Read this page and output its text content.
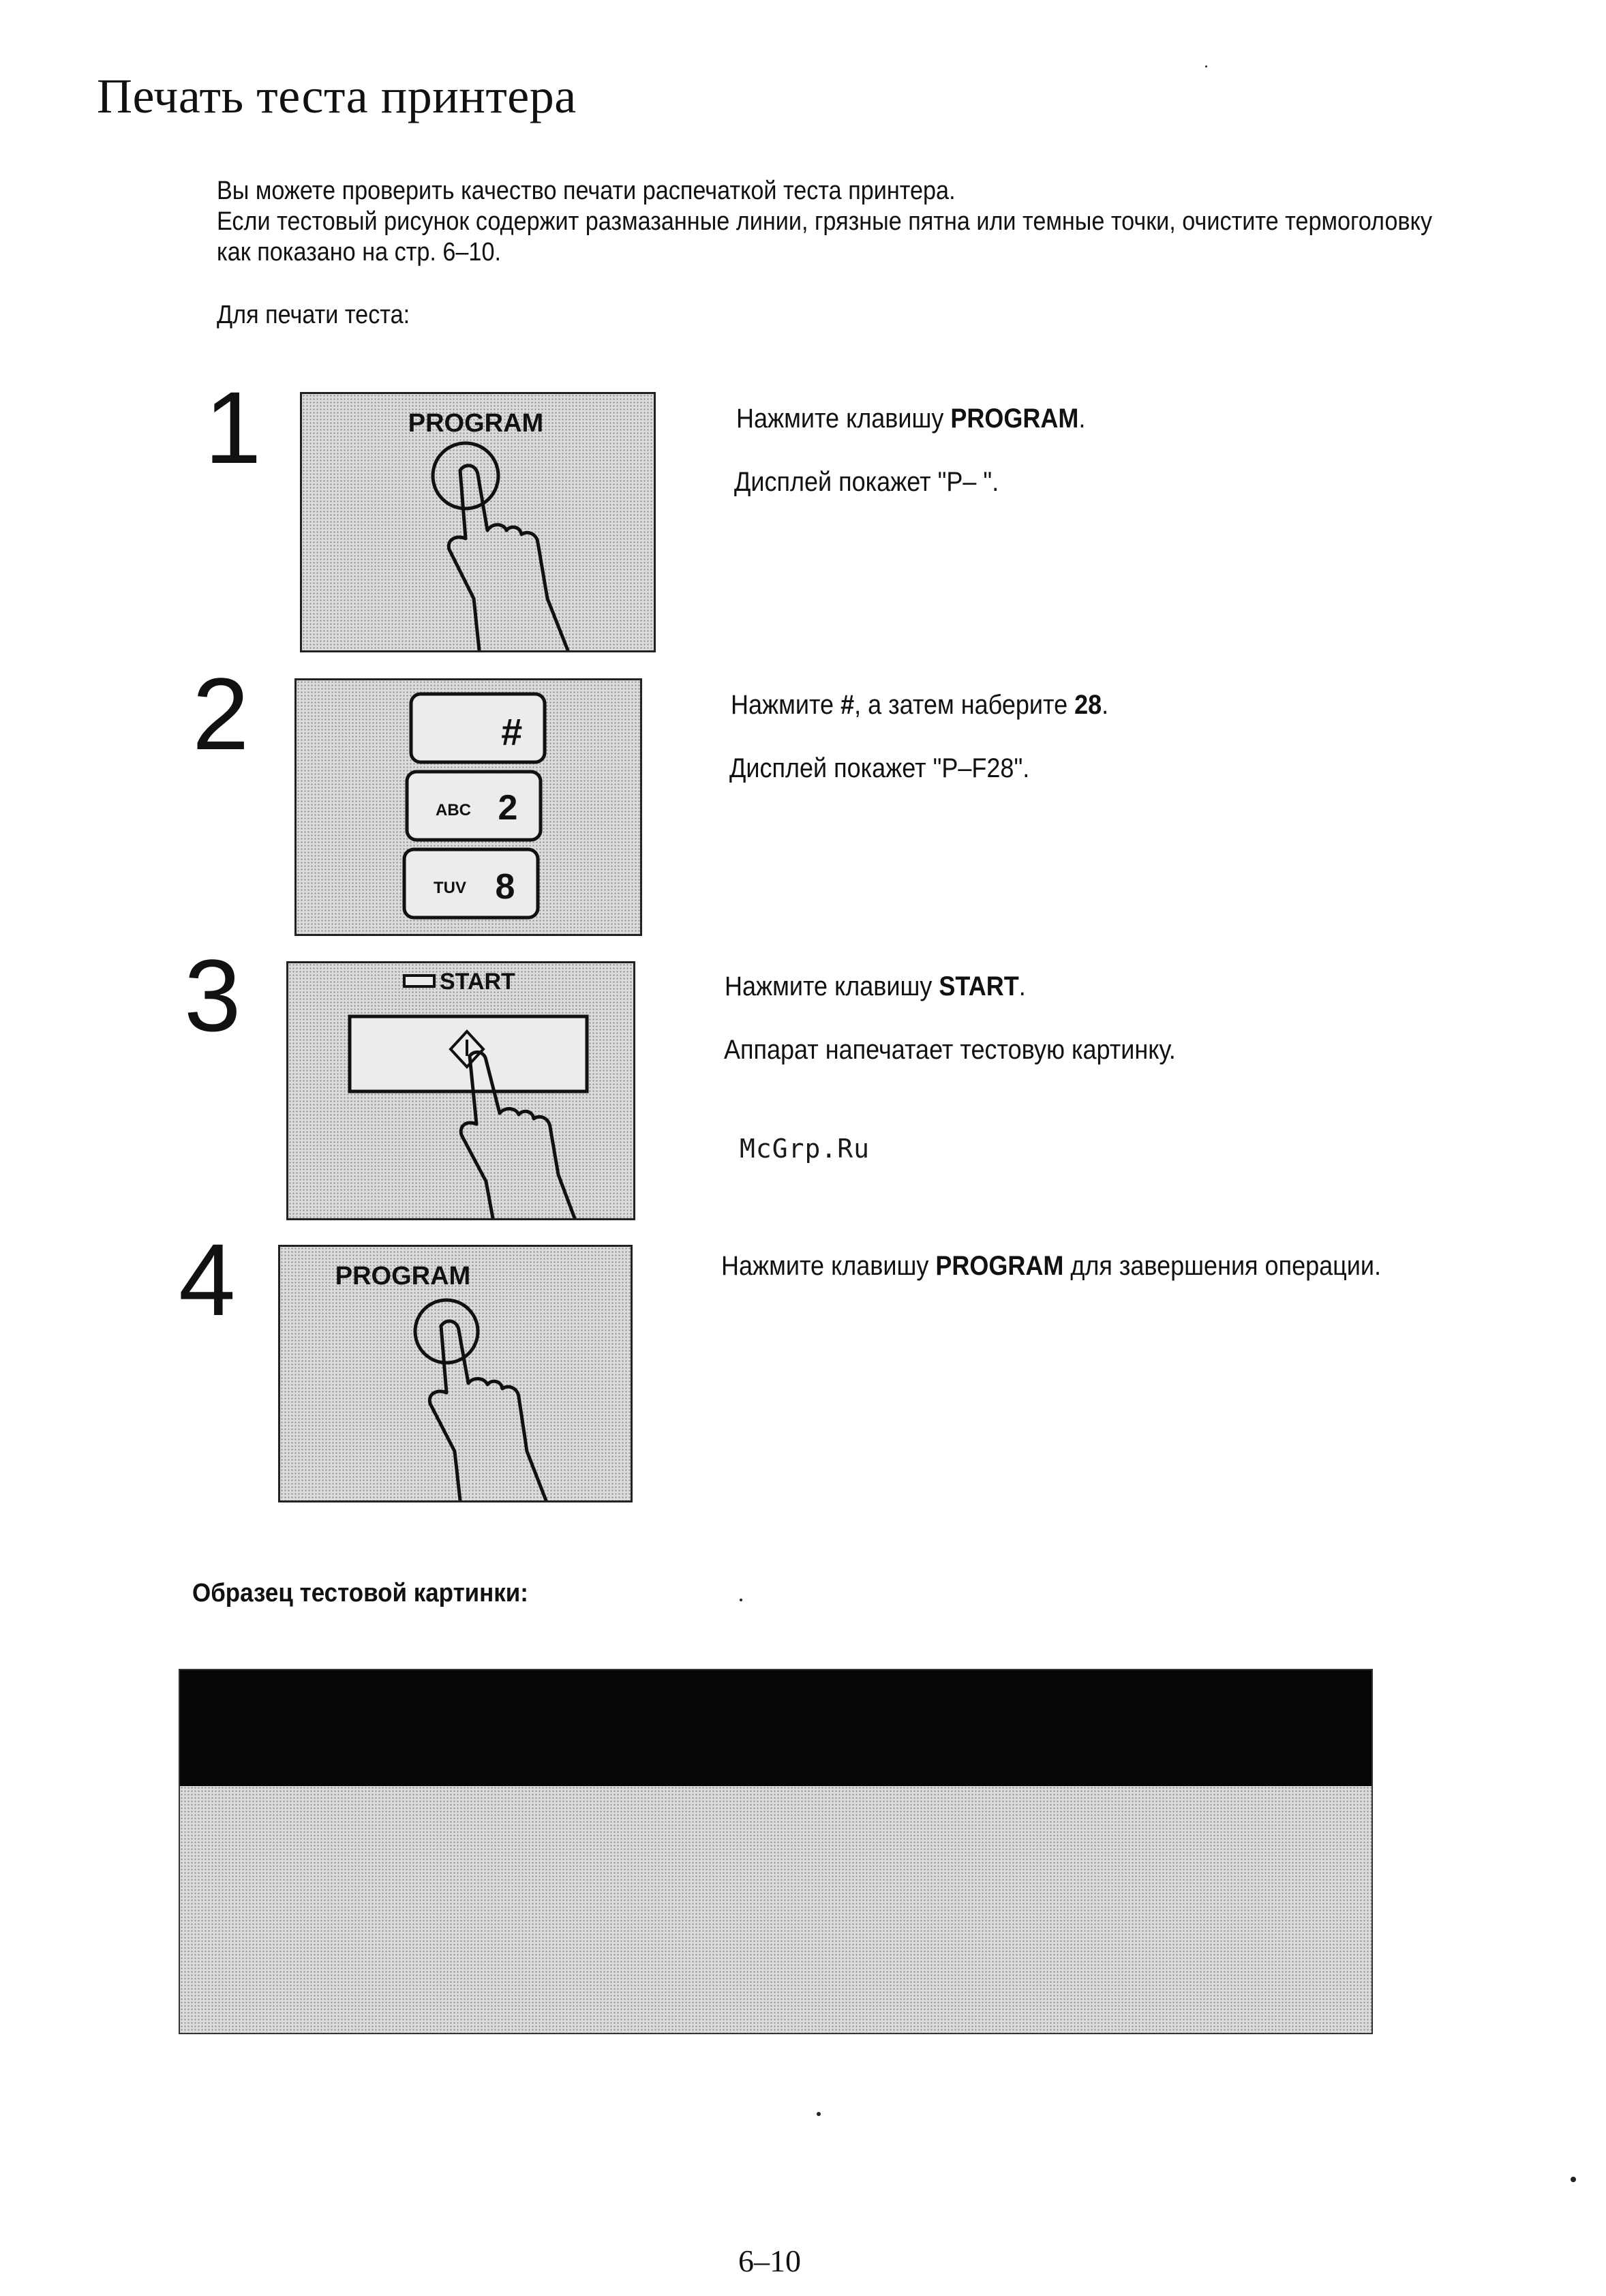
Печать теста принтера
Вы можете проверить качество печати распечаткой теста принтера.
Если тестовый рисунок содержит размазанные линии, грязные пятна или темные точки, очистите термоголовку
как показано на стр. 6–10.
Для печати теста:
1	PROGRAM	Нажмите клавишу PROGRAM.
Дисплей покажет "P– ".
2	#
ABC 2
TUV 8
Нажмите #, а затем наберите 28.
Дисплей покажет "P–F28".
3	START	Нажмите клавишу START.
Аппарат напечатает тестовую картинку.
McGrp.Ru
4	PROGRAM	Нажмите клавишу PROGRAM для завершения операции.
Образец тестовой картинки:
6–10
